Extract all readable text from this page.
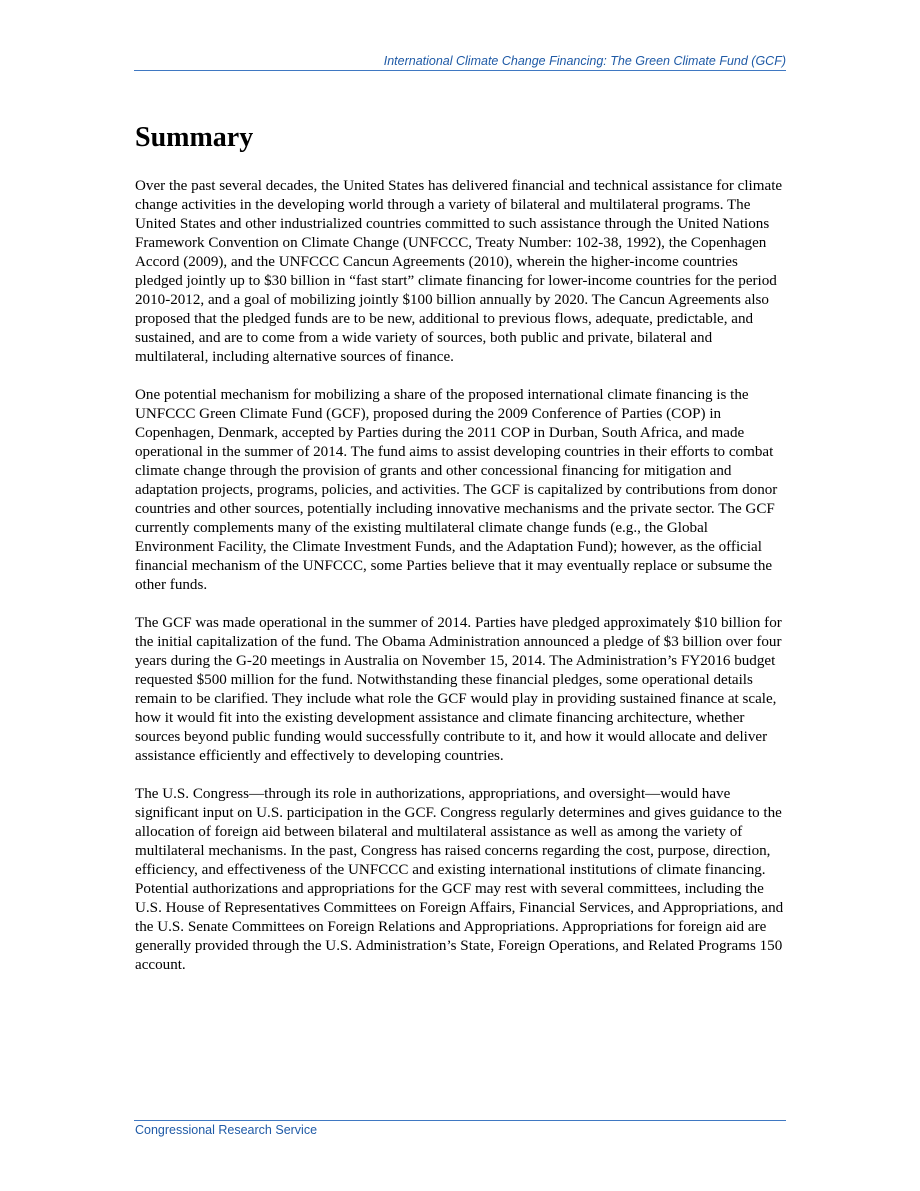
International Climate Change Financing: The Green Climate Fund (GCF)
Summary

Over the past several decades, the United States has delivered financial and technical assistance for climate change activities in the developing world through a variety of bilateral and multilateral programs. The United States and other industrialized countries committed to such assistance through the United Nations Framework Convention on Climate Change (UNFCCC, Treaty Number: 102-38, 1992), the Copenhagen Accord (2009), and the UNFCCC Cancun Agreements (2010), wherein the higher-income countries pledged jointly up to $30 billion in “fast start” climate financing for lower-income countries for the period 2010-2012, and a goal of mobilizing jointly $100 billion annually by 2020. The Cancun Agreements also proposed that the pledged funds are to be new, additional to previous flows, adequate, predictable, and sustained, and are to come from a wide variety of sources, both public and private, bilateral and multilateral, including alternative sources of finance.

One potential mechanism for mobilizing a share of the proposed international climate financing is the UNFCCC Green Climate Fund (GCF), proposed during the 2009 Conference of Parties (COP) in Copenhagen, Denmark, accepted by Parties during the 2011 COP in Durban, South Africa, and made operational in the summer of 2014. The fund aims to assist developing countries in their efforts to combat climate change through the provision of grants and other concessional financing for mitigation and adaptation projects, programs, policies, and activities. The GCF is capitalized by contributions from donor countries and other sources, potentially including innovative mechanisms and the private sector. The GCF currently complements many of the existing multilateral climate change funds (e.g., the Global Environment Facility, the Climate Investment Funds, and the Adaptation Fund); however, as the official financial mechanism of the UNFCCC, some Parties believe that it may eventually replace or subsume the other funds.

The GCF was made operational in the summer of 2014. Parties have pledged approximately $10 billion for the initial capitalization of the fund. The Obama Administration announced a pledge of $3 billion over four years during the G-20 meetings in Australia on November 15, 2014. The Administration’s FY2016 budget requested $500 million for the fund. Notwithstanding these financial pledges, some operational details remain to be clarified. They include what role the GCF would play in providing sustained finance at scale, how it would fit into the existing development assistance and climate financing architecture, whether sources beyond public funding would successfully contribute to it, and how it would allocate and deliver assistance efficiently and effectively to developing countries.

The U.S. Congress—through its role in authorizations, appropriations, and oversight—would have significant input on U.S. participation in the GCF. Congress regularly determines and gives guidance to the allocation of foreign aid between bilateral and multilateral assistance as well as among the variety of multilateral mechanisms. In the past, Congress has raised concerns regarding the cost, purpose, direction, efficiency, and effectiveness of the UNFCCC and existing international institutions of climate financing. Potential authorizations and appropriations for the GCF may rest with several committees, including the U.S. House of Representatives Committees on Foreign Affairs, Financial Services, and Appropriations, and the U.S. Senate Committees on Foreign Relations and Appropriations. Appropriations for foreign aid are generally provided through the U.S. Administration’s State, Foreign Operations, and Related Programs 150 account.

Congressional Research Service
